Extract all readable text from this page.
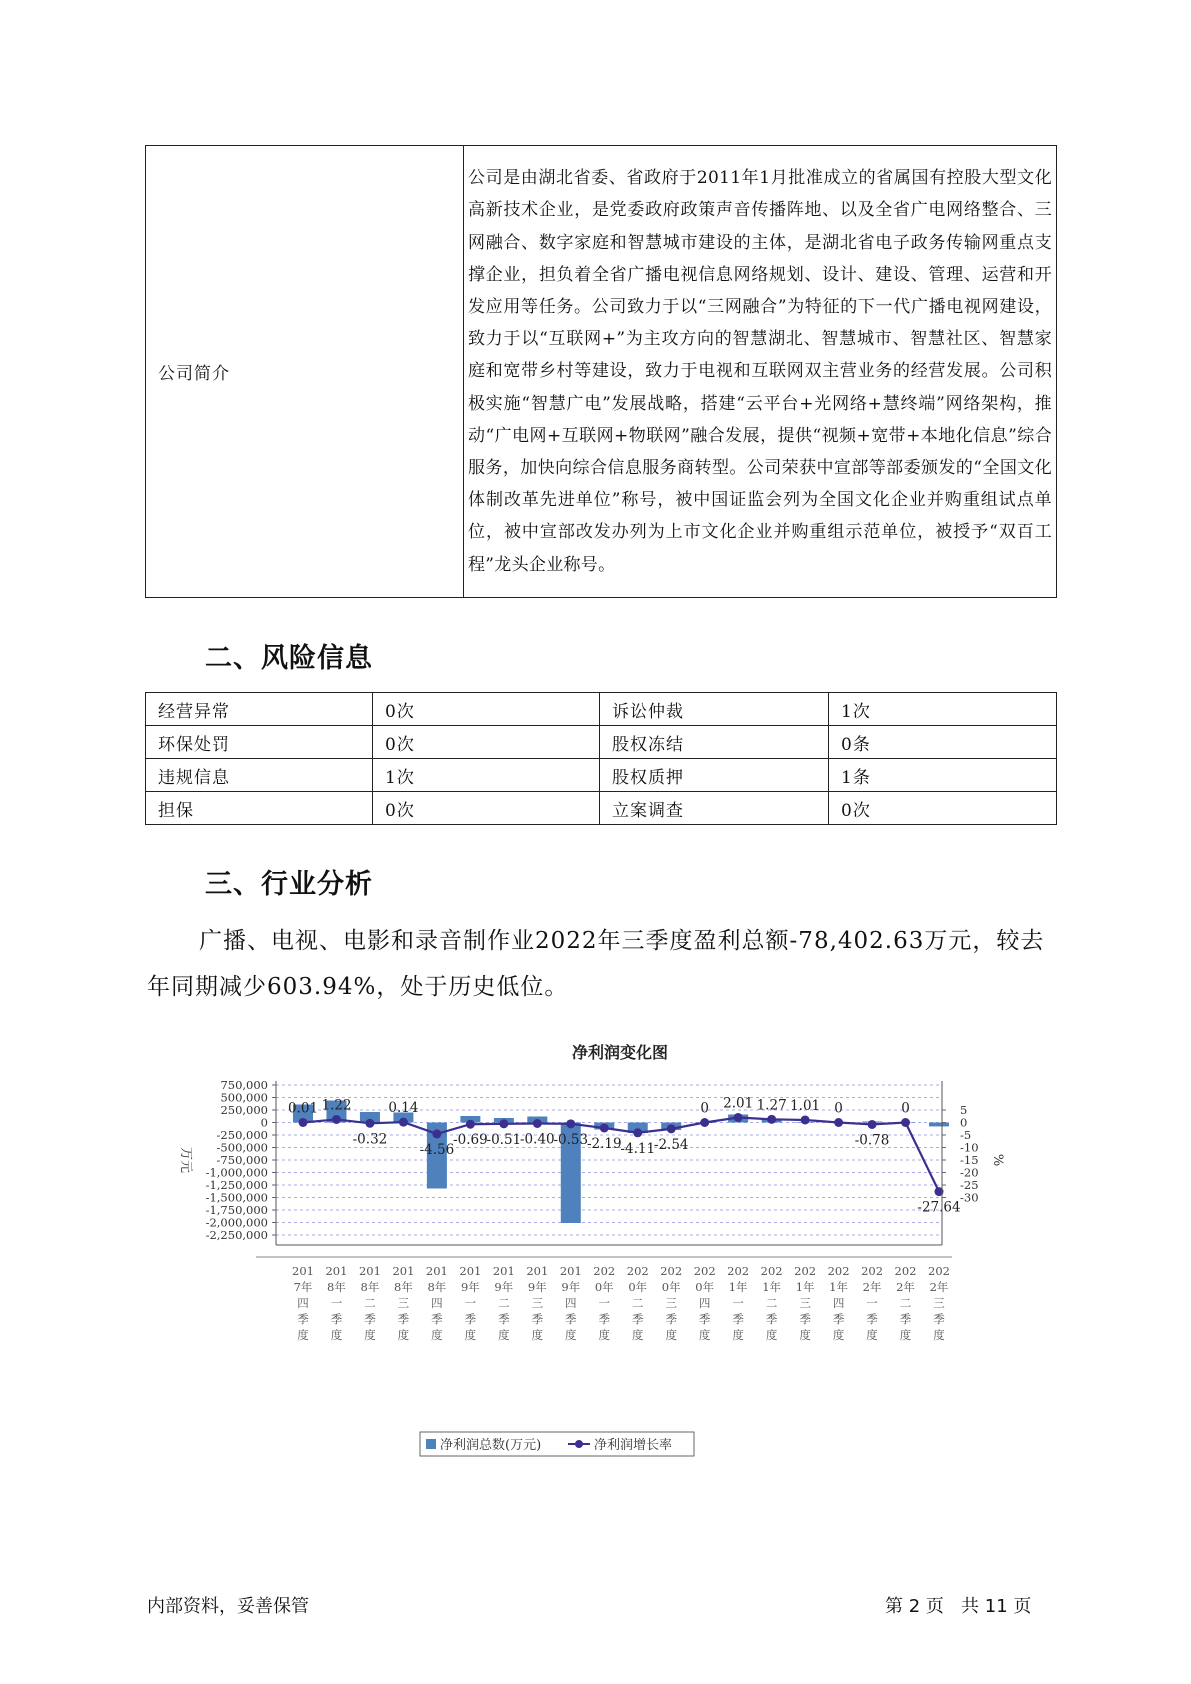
公司简介	公司是由湖北省委、省政府于2011年1月批准成立的省属国有控股大型文化高新技术企业，是党委政府政策声音传播阵地、以及全省广电网络整合、三网融合、数字家庭和智慧城市建设的主体，是湖北省电子政务传输网重点支撑企业，担负着全省广播电视信息网络规划、设计、建设、管理、运营和开发应用等任务。公司致力于以“三网融合”为特征的下一代广播电视网建设，致力于以“互联网+”为主攻方向的智慧湖北、智慧城市、智慧社区、智慧家庭和宽带乡村等建设，致力于电视和互联网双主营业务的经营发展。公司积极实施“智慧广电”发展战略，搭建“云平台+光网络+慧终端”网络架构，推动“广电网+互联网+物联网”融合发展，提供“视频+宽带+本地化信息”综合服务，加快向综合信息服务商转型。公司荣获中宣部等部委颁发的“全国文化体制改革先进单位”称号，被中国证监会列为全国文化企业并购重组试点单位，被中宣部改发办列为上市文化企业并购重组示范单位，被授予“双百工程”龙头企业称号。
二、风险信息
经营异常	0次	诉讼仲裁	1次
环保处罚	0次	股权冻结	0条
违规信息	1次	股权质押	1条
担保	0次	立案调查	0次
三、行业分析

广播、电视、电影和录音制作业2022年三季度盈利总额-78,402.63万元，较去年同期减少603.94%，处于历史低位。

净利润变化图
0.01 1.22
-0.32
0.14
-4.56
-0.69
-0.51
-0.40
-0.53
-2.19
-4.11
-2.54
0 2.01 1.27 1.01 0
-0.78
0
-27.64
750,000
500,000
250,000
0
-250,000
-500,000
-750,000
-1,000,000
-1,250,000
-1,500,000
-1,750,000
-2,000,000
-2,250,000
5
0
-5
-10
-15
-20
-25
-30
万元	%
201
7年
四
季
度
201
8年
一
季
度
201
8年
二
季
度
201
8年
三
季
度
201
8年
四
季
度
201
9年
一
季
度
201
9年
二
季
度
201
9年
三
季
度
201
9年
四
季
度
202
0年
一
季
度
202
0年
二
季
度
202
0年
三
季
度
202
0年
四
季
度
202
1年
一
季
度
202
1年
二
季
度
202
1年
三
季
度
202
1年
四
季
度
202
2年
一
季
度
202
2年
二
季
度
202
2年
三
季
度
净利润总数(万元)	净利润增长率
内部资料，妥善保管	第 2 页   共 11 页
